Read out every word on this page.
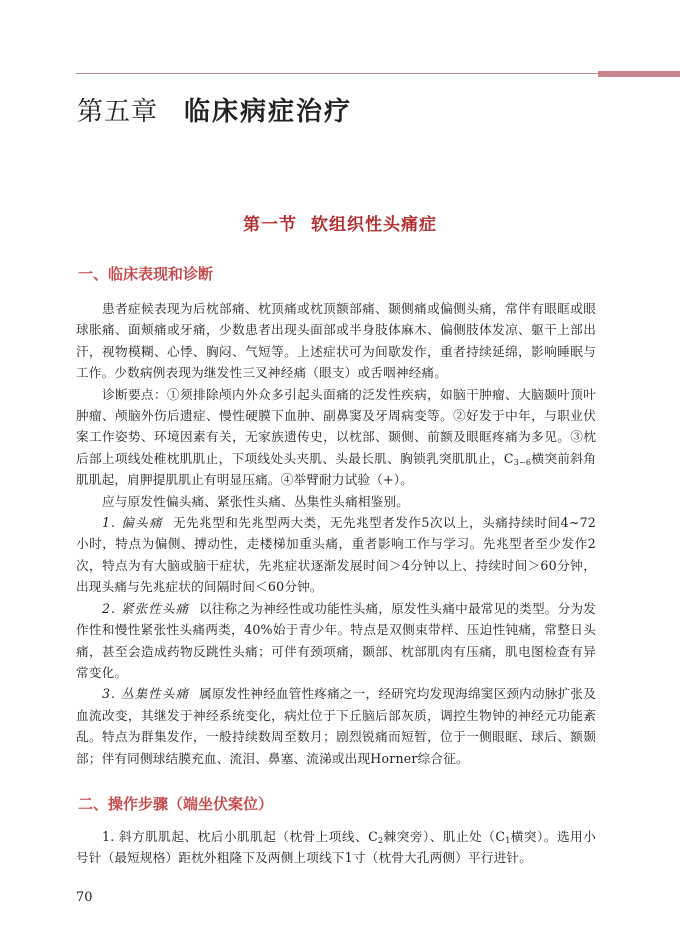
第五章 临床病症治疗
第一节 软组织性头痛症
一、临床表现和诊断

患者症候表现为后枕部痛、枕顶痛或枕顶额部痛、颞侧痛或偏侧头痛，常伴有眼眶或眼球胀痛、面颊痛或牙痛，少数患者出现头面部或半身肢体麻木、偏侧肢体发凉、躯干上部出汗，视物模糊、心悸、胸闷、气短等。上述症状可为间歇发作，重者持续延绵，影响睡眠与工作。少数病例表现为继发性三叉神经痛（眼支）或舌咽神经痛。

诊断要点：①须排除颅内外众多引起头面痛的泛发性疾病，如脑干肿瘤、大脑颞叶顶叶肿瘤、颅脑外伤后遗症、慢性硬膜下血肿、副鼻窦及牙周病变等。②好发于中年，与职业伏案工作姿势、环境因素有关，无家族遗传史，以枕部、颞侧、前额及眼眶疼痛为多见。③枕后部上项线处稚枕肌肌止，下项线处头夹肌、头最长肌、胸锁乳突肌肌止，$C_{3\sim 6}$横突前斜角肌肌起，肩胛提肌肌止有明显压痛。④举臂耐力试验（+）。

应与原发性偏头痛、紧张性头痛、丛集性头痛相鉴别。

1. 偏头痛 无先兆型和先兆型两大类，无先兆型者发作5次以上，头痛持续时间4~72小时，特点为偏侧、搏动性，走楼梯加重头痛，重者影响工作与学习。先兆型者至少发作2次，特点为有大脑或脑干症状，先兆症状逐渐发展时间＞4分钟以上、持续时间＞60分钟，出现头痛与先兆症状的间隔时间＜60分钟。

2. 紧张性头痛 以往称之为神经性或功能性头痛，原发性头痛中最常见的类型。分为发作性和慢性紧张性头痛两类，40%始于青少年。特点是双侧束带样、压迫性钝痛，常整日头痛，甚至会造成药物反跳性头痛；可伴有颈项痛，颞部、枕部肌肉有压痛，肌电图检查有异常变化。

3. 丛集性头痛 属原发性神经血管性疼痛之一，经研究均发现海绵窦区颈内动脉扩张及血流改变，其继发于神经系统变化，病灶位于下丘脑后部灰质，调控生物钟的神经元功能紊乱。特点为群集发作，一般持续数周至数月；剧烈锐痛而短暂，位于一侧眼眶、球后、额颞部；伴有同侧球结膜充血、流泪、鼻塞、流涕或出现Horner综合征。

二、操作步骤（端坐伏案位）

1. 斜方肌肌起、枕后小肌肌起（枕骨上项线、$C_2$棘突旁）、肌止处（$C_1$横突）。选用小号针（最短规格）距枕外粗隆下及两侧上项线下1寸（枕骨大孔两侧）平行进针。

70
